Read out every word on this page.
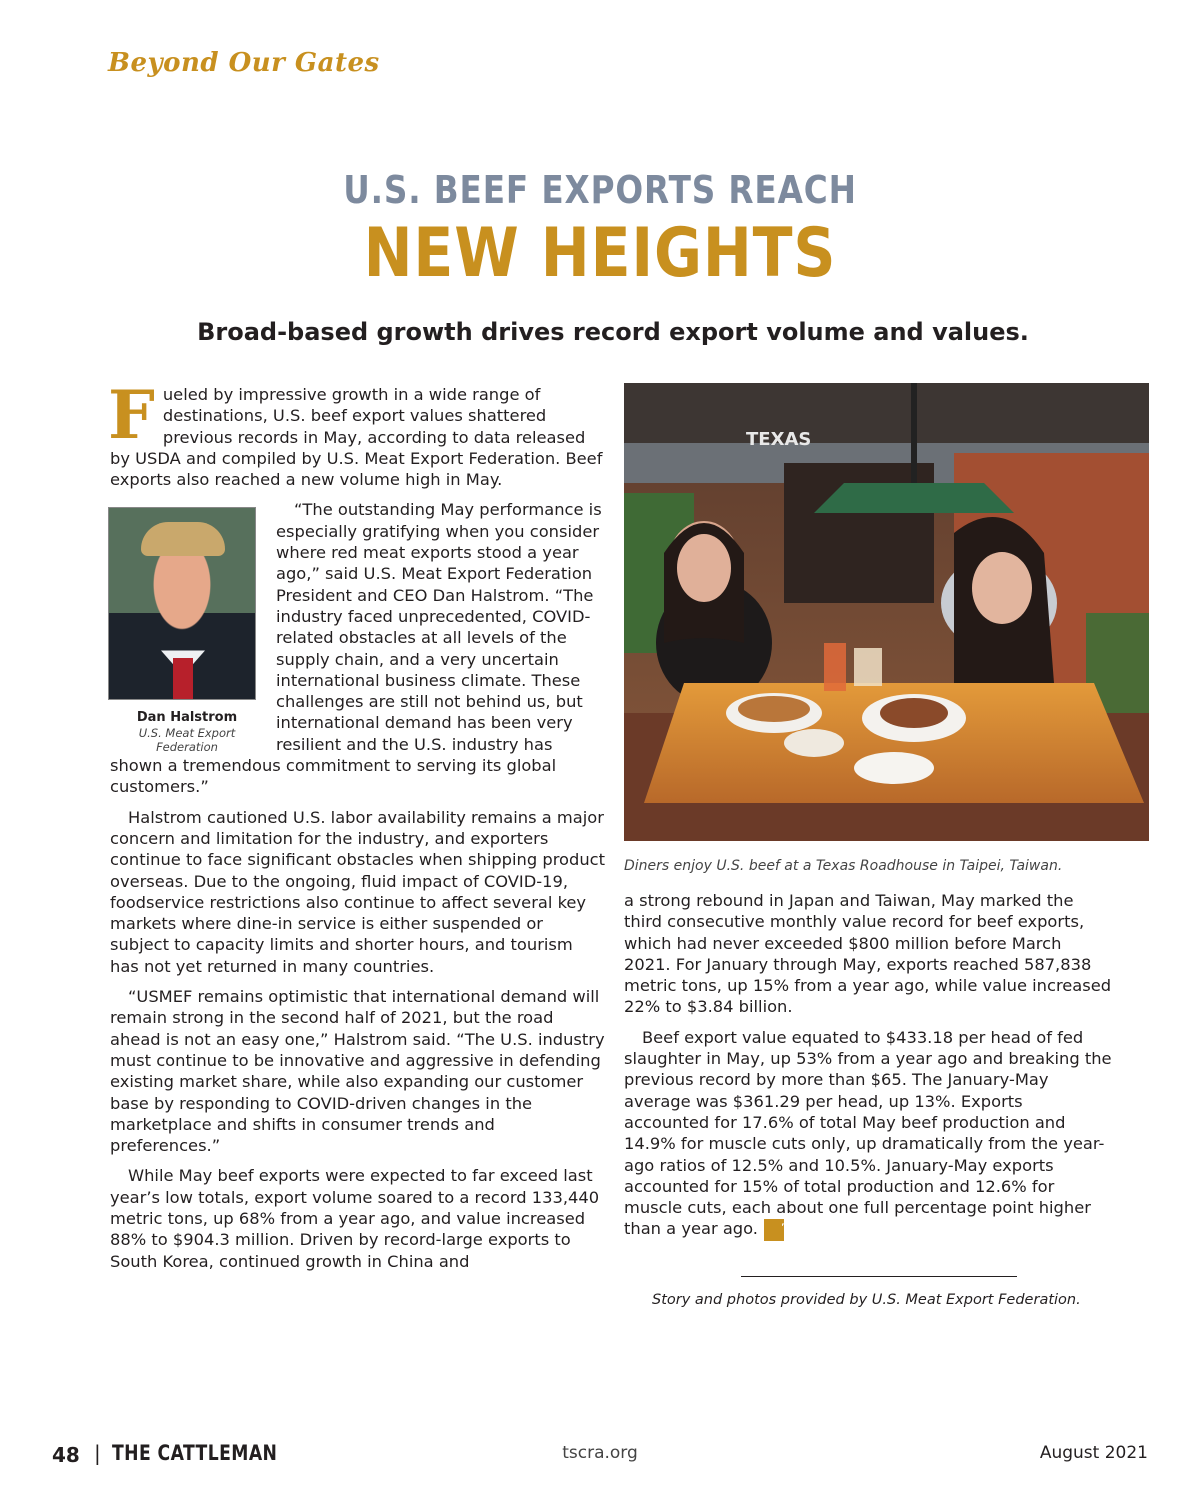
Beyond Our Gates
U.S. BEEF EXPORTS REACH
NEW HEIGHTS
Broad-based growth drives record export volume and values.

Fueled by impressive growth in a wide range of destinations, U.S. beef export values shattered previous records in May, according to data released by USDA and compiled by U.S. Meat Export Federation. Beef exports also reached a new volume high in May.

Dan Halstrom
U.S. Meat Export Federation

“The outstanding May performance is especially gratifying when you consider where red meat exports stood a year ago,” said U.S. Meat Export Federation President and CEO Dan Halstrom. “The industry faced unprecedented, COVID-related obstacles at all levels of the supply chain, and a very uncertain international business climate. These challenges are still not behind us, but international demand has been very resilient and the U.S. industry has shown a tremendous commitment to serving its global customers.”

Halstrom cautioned U.S. labor availability remains a major concern and limitation for the industry, and exporters continue to face significant obstacles when shipping product overseas. Due to the ongoing, fluid impact of COVID-19, foodservice restrictions also continue to affect several key markets where dine-in service is either suspended or subject to capacity limits and shorter hours, and tourism has not yet returned in many countries.

“USMEF remains optimistic that international demand will remain strong in the second half of 2021, but the road ahead is not an easy one,” Halstrom said. “The U.S. industry must continue to be innovative and aggressive in defending existing market share, while also expanding our customer base by responding to COVID-driven changes in the marketplace and shifts in consumer trends and preferences.”

While May beef exports were expected to far exceed last year’s low totals, export volume soared to a record 133,440 metric tons, up 68% from a year ago, and value increased 88% to $904.3 million. Driven by record-large exports to South Korea, continued growth in China and

TEXAS
Diners enjoy U.S. beef at a Texas Roadhouse in Taipei, Taiwan.

a strong rebound in Japan and Taiwan, May marked the third consecutive monthly value record for beef exports, which had never exceeded $800 million before March 2021. For January through May, exports reached 587,838 metric tons, up 15% from a year ago, while value increased 22% to $3.84 billion.

Beef export value equated to $433.18 per head of fed slaughter in May, up 53% from a year ago and breaking the previous record by more than $65. The January-May average was $361.29 per head, up 13%. Exports accounted for 17.6% of total May beef production and 14.9% for muscle cuts only, up dramatically from the year-ago ratios of 12.5% and 10.5%. January-May exports accounted for 15% of total production and 12.6% for muscle cuts, each about one full percentage point higher than a year ago. TC

Story and photos provided by U.S. Meat Export Federation.
48 | THE CATTLEMAN	tscra.org	August 2021
